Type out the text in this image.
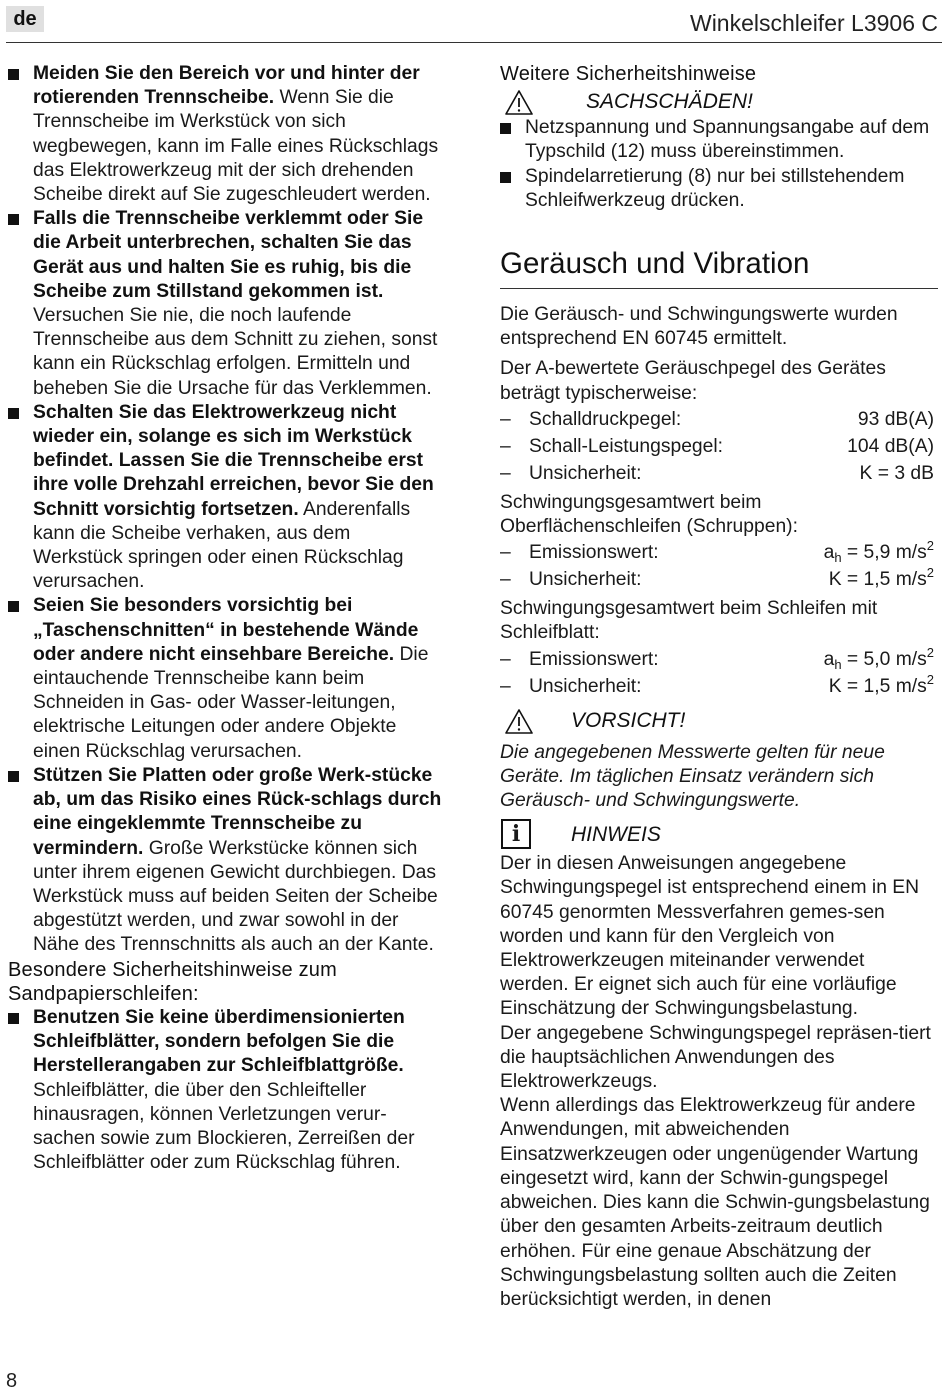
de	Winkelschleifer L3906 C

Meiden Sie den Bereich vor und hinter der rotierenden Trennscheibe. Wenn Sie die Trennscheibe im Werkstück von sich wegbewegen, kann im Falle eines Rückschlags das Elektrowerkzeug mit der sich drehenden Scheibe direkt auf Sie zugeschleudert werden.

Falls die Trennscheibe verklemmt oder Sie die Arbeit unterbrechen, schalten Sie das Gerät aus und halten Sie es ruhig, bis die Scheibe zum Stillstand gekommen ist. Versuchen Sie nie, die noch laufende Trennscheibe aus dem Schnitt zu ziehen, sonst kann ein Rückschlag erfolgen. Ermitteln und beheben Sie die Ursache für das Verklemmen.

Schalten Sie das Elektrowerkzeug nicht wieder ein, solange es sich im Werkstück befindet. Lassen Sie die Trennscheibe erst ihre volle Drehzahl erreichen, bevor Sie den Schnitt vorsichtig fortsetzen. Anderenfalls kann die Scheibe verhaken, aus dem Werkstück springen oder einen Rückschlag verursachen.

Seien Sie besonders vorsichtig bei „Taschenschnitten“ in bestehende Wände oder andere nicht einsehbare Bereiche. Die eintauchende Trennscheibe kann beim Schneiden in Gas- oder Wasser-leitungen, elektrische Leitungen oder andere Objekte einen Rückschlag verursachen.

Stützen Sie Platten oder große Werk-stücke ab, um das Risiko eines Rück-schlags durch eine eingeklemmte Trennscheibe zu vermindern. Große Werkstücke können sich unter ihrem eigenen Gewicht durchbiegen. Das Werkstück muss auf beiden Seiten der Scheibe abgestützt werden, und zwar sowohl in der Nähe des Trennschnitts als auch an der Kante.

Besondere Sicherheitshinweise zum Sandpapierschleifen:

Benutzen Sie keine überdimensionierten Schleifblätter, sondern befolgen Sie die Herstellerangaben zur Schleifblattgröße. Schleifblätter, die über den Schleifteller hinausragen, können Verletzungen verur-sachen sowie zum Blockieren, Zerreißen der Schleifblätter oder zum Rückschlag führen.

Weitere Sicherheitshinweise

SACHSCHÄDEN!

Netzspannung und Spannungsangabe auf dem Typschild (12) muss übereinstimmen.

Spindelarretierung (8) nur bei stillstehendem Schleifwerkzeug drücken.

Geräusch und Vibration

Die Geräusch- und Schwingungswerte wurden entsprechend EN 60745 ermittelt.

Der A-bewertete Geräuschpegel des Gerätes beträgt typischerweise:

– Schalldruckpegel:	93 dB(A)
– Schall-Leistungspegel:	104 dB(A)
– Unsicherheit:	K = 3 dB

Schwingungsgesamtwert beim Oberflächenschleifen (Schruppen):

– Emissionswert:	$a_h = 5,9$ $m/s^2$
– Unsicherheit:	K = 1,5 $m/s^2$

Schwingungsgesamtwert beim Schleifen mit Schleifblatt:

– Emissionswert:	$a_h = 5,0$ $m/s^2$
– Unsicherheit:	K = 1,5 $m/s^2$
VORSICHT!

Die angegebenen Messwerte gelten für neue Geräte. Im täglichen Einsatz verändern sich Geräusch- und Schwingungswerte.

i	HINWEIS

Der in diesen Anweisungen angegebene Schwingungspegel ist entsprechend einem in EN 60745 genormten Messverfahren gemes-sen worden und kann für den Vergleich von Elektrowerkzeugen miteinander verwendet werden. Er eignet sich auch für eine vorläufige Einschätzung der Schwingungsbelastung.

Der angegebene Schwingungspegel repräsen-tiert die hauptsächlichen Anwendungen des Elektrowerkzeugs.

Wenn allerdings das Elektrowerkzeug für andere Anwendungen, mit abweichenden Einsatzwerkzeugen oder ungenügender Wartung eingesetzt wird, kann der Schwin-gungspegel abweichen. Dies kann die Schwin-gungsbelastung über den gesamten Arbeits-zeitraum deutlich erhöhen. Für eine genaue Abschätzung der Schwingungsbelastung sollten auch die Zeiten berücksichtigt werden, in denen

8
